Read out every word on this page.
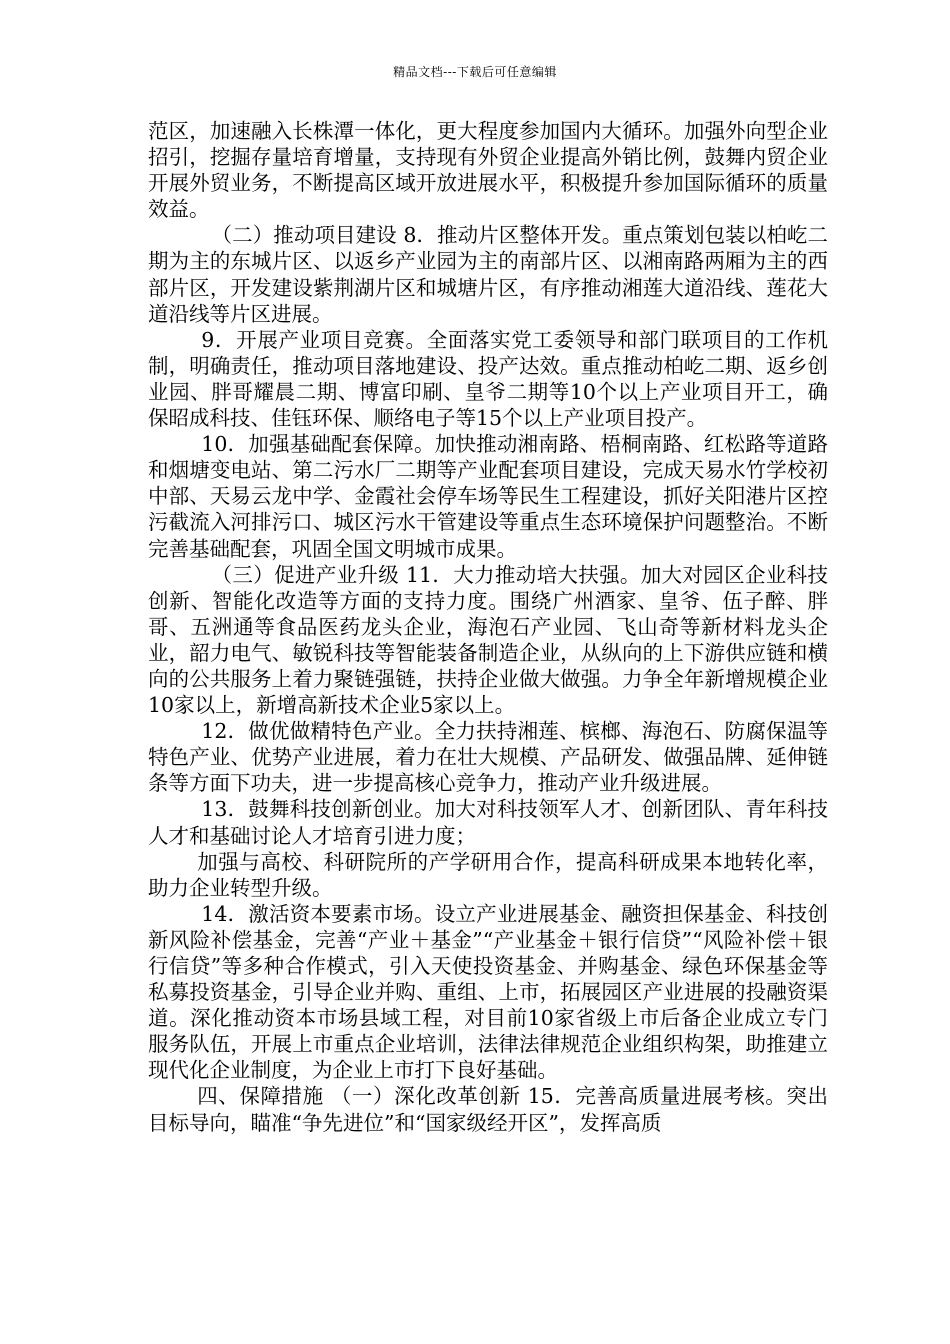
精品文档---下载后可任意编辑

范区，加速融入长株潭一体化，更大程度参加国内大循环。加强外向型企业招引，挖掘存量培育增量，支持现有外贸企业提高外销比例，鼓舞内贸企业开展外贸业务，不断提高区域开放进展水平，积极提升参加国际循环的质量效益。

（二）推动项目建设 8．推动片区整体开发。重点策划包装以柏屹二期为主的东城片区、以返乡产业园为主的南部片区、以湘南路两厢为主的西部片区，开发建设紫荆湖片区和城塘片区，有序推动湘莲大道沿线、莲花大道沿线等片区进展。

9．开展产业项目竞赛。全面落实党工委领导和部门联项目的工作机制，明确责任，推动项目落地建设、投产达效。重点推动柏屹二期、返乡创业园、胖哥耀晨二期、博富印刷、皇爷二期等10个以上产业项目开工，确保昭成科技、佳钰环保、顺络电子等15个以上产业项目投产。

10．加强基础配套保障。加快推动湘南路、梧桐南路、红松路等道路和烟塘变电站、第二污水厂二期等产业配套项目建设，完成天易水竹学校初中部、天易云龙中学、金霞社会停车场等民生工程建设，抓好关阳港片区控污截流入河排污口、城区污水干管建设等重点生态环境保护问题整治。不断完善基础配套，巩固全国文明城市成果。

（三）促进产业升级 11．大力推动培大扶强。加大对园区企业科技创新、智能化改造等方面的支持力度。围绕广州酒家、皇爷、伍子醉、胖哥、五洲通等食品医药龙头企业，海泡石产业园、飞山奇等新材料龙头企业，韶力电气、敏锐科技等智能装备制造企业，从纵向的上下游供应链和横向的公共服务上着力聚链强链，扶持企业做大做强。力争全年新增规模企业10家以上，新增高新技术企业5家以上。

12．做优做精特色产业。全力扶持湘莲、槟榔、海泡石、防腐保温等特色产业、优势产业进展，着力在壮大规模、产品研发、做强品牌、延伸链条等方面下功夫，进一步提高核心竞争力，推动产业升级进展。

13．鼓舞科技创新创业。加大对科技领军人才、创新团队、青年科技人才和基础讨论人才培育引进力度；

加强与高校、科研院所的产学研用合作，提高科研成果本地转化率，助力企业转型升级。

14．激活资本要素市场。设立产业进展基金、融资担保基金、科技创新风险补偿基金，完善“产业＋基金”“产业基金＋银行信贷”“风险补偿＋银行信贷”等多种合作模式，引入天使投资基金、并购基金、绿色环保基金等私募投资基金，引导企业并购、重组、上市，拓展园区产业进展的投融资渠道。深化推动资本市场县域工程，对目前10家省级上市后备企业成立专门服务队伍，开展上市重点企业培训，法律法律规范企业组织构架，助推建立现代化企业制度，为企业上市打下良好基础。

四、保障措施 （一）深化改革创新 15．完善高质量进展考核。突出目标导向，瞄准“争先进位”和“国家级经开区”，发挥高质
